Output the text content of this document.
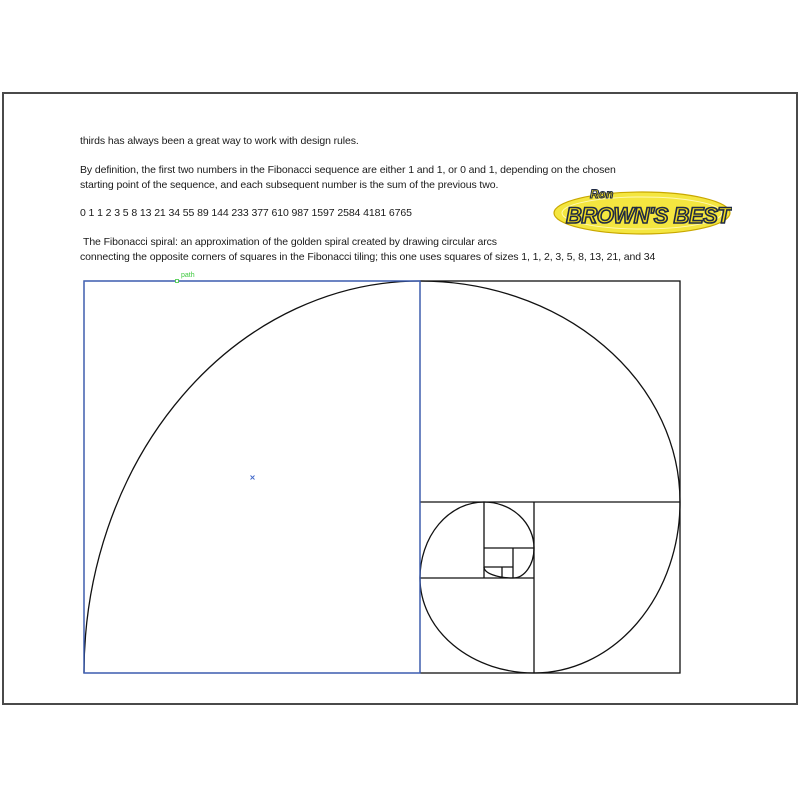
thirds has always been a great way to work with design rules.
By definition, the first two numbers in the Fibonacci sequence are either 1 and 1, or 0 and 1, depending on the chosen
starting point of the sequence, and each subsequent number is the sum of the previous two.
0 1 1 2 3 5 8 13 21 34 55 89 144 233 377 610 987 1597 2584 4181 6765
The Fibonacci spiral: an approximation of the golden spiral created by drawing circular arcs
connecting the opposite corners of squares in the Fibonacci tiling; this one uses squares of sizes 1, 1, 2, 3, 5, 8, 13, 21, and 34
Ron
BROWN'S BEST
path
